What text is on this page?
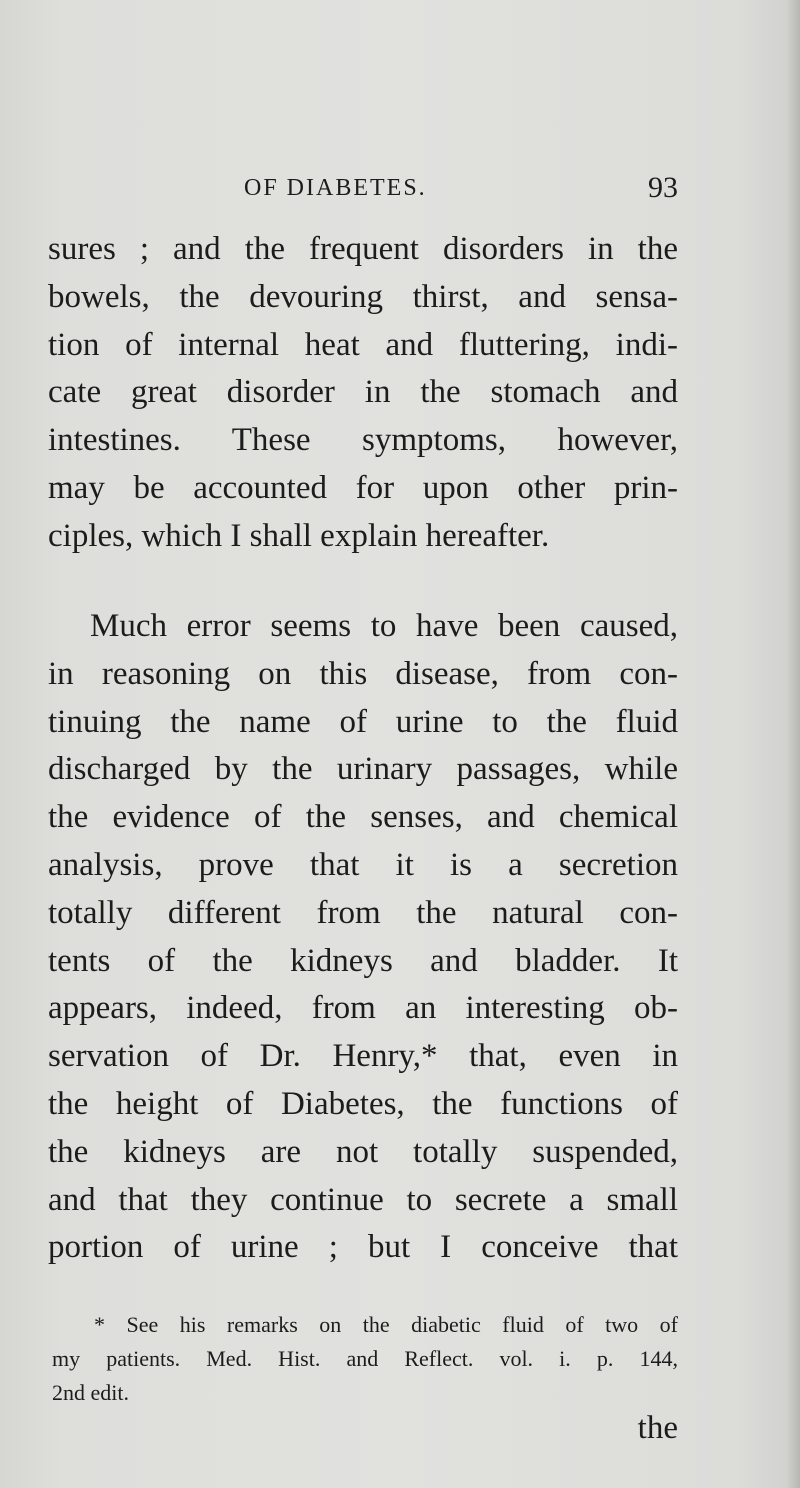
OF DIABETES.	93
sures ; and the frequent disorders in the
bowels, the devouring thirst, and sensa-
tion of internal heat and fluttering, indi-
cate great disorder in the stomach and
intestines. These symptoms, however,
may be accounted for upon other prin-
ciples, which I shall explain hereafter.
Much error seems to have been caused,
in reasoning on this disease, from con-
tinuing the name of urine to the fluid
discharged by the urinary passages, while
the evidence of the senses, and chemical
analysis, prove that it is a secretion
totally different from the natural con-
tents of the kidneys and bladder. It
appears, indeed, from an interesting ob-
servation of Dr. Henry,* that, even in
the height of Diabetes, the functions of
the kidneys are not totally suspended,
and that they continue to secrete a small
portion of urine ; but I conceive that
* See his remarks on the diabetic fluid of two of
my patients. Med. Hist. and Reflect. vol. i. p. 144,
2nd edit.
the
